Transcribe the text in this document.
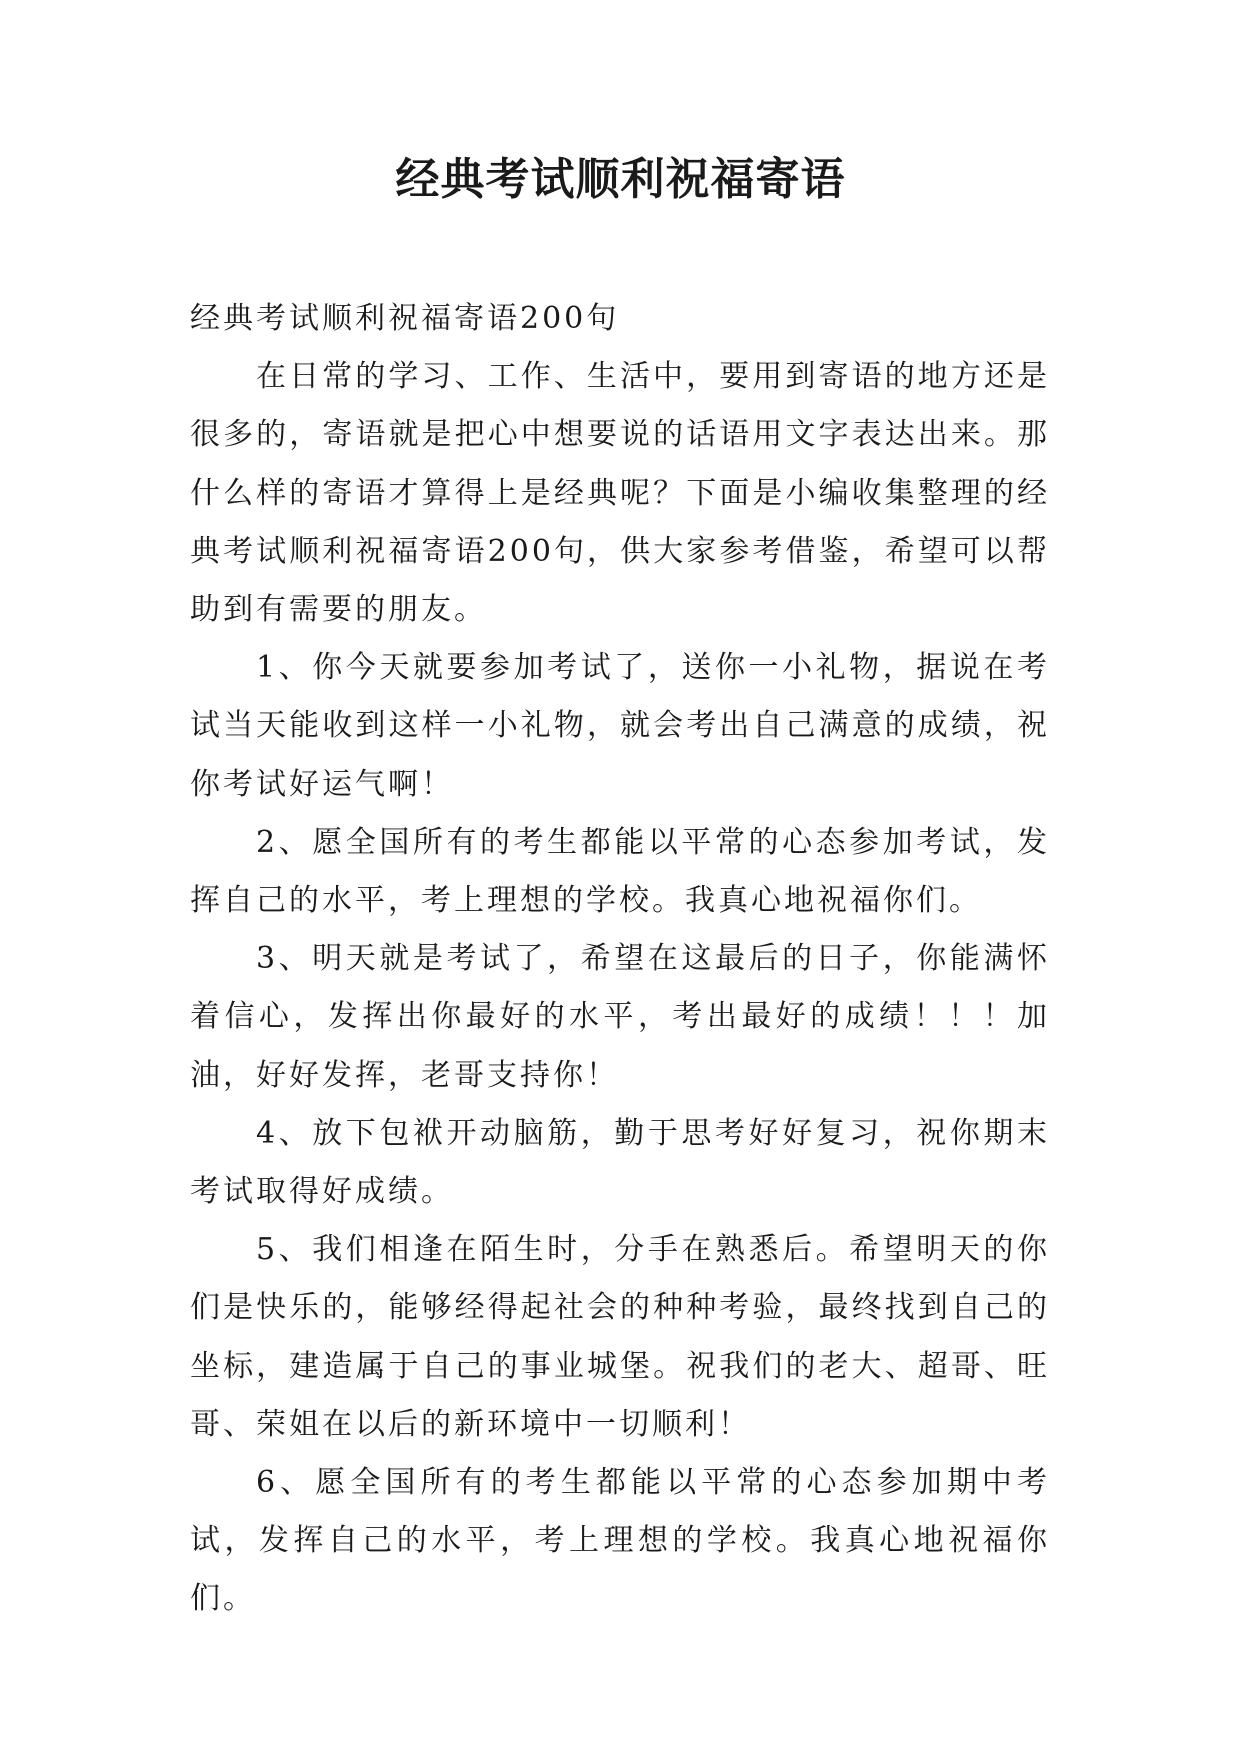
经典考试顺利祝福寄语

经典考试顺利祝福寄语200句

在日常的学习、工作、生活中，要用到寄语的地方还是很多的，寄语就是把心中想要说的话语用文字表达出来。那什么样的寄语才算得上是经典呢？下面是小编收集整理的经典考试顺利祝福寄语200句，供大家参考借鉴，希望可以帮助到有需要的朋友。

1、你今天就要参加考试了，送你一小礼物，据说在考试当天能收到这样一小礼物，就会考出自己满意的成绩，祝你考试好运气啊！

2、愿全国所有的考生都能以平常的心态参加考试，发挥自己的水平，考上理想的学校。我真心地祝福你们。

3、明天就是考试了，希望在这最后的日子，你能满怀着信心，发挥出你最好的水平，考出最好的成绩！！！加油，好好发挥，老哥支持你！

4、放下包袱开动脑筋，勤于思考好好复习，祝你期末考试取得好成绩。

5、我们相逢在陌生时，分手在熟悉后。希望明天的你们是快乐的，能够经得起社会的种种考验，最终找到自己的坐标，建造属于自己的事业城堡。祝我们的老大、超哥、旺哥、荣姐在以后的新环境中一切顺利！

6、愿全国所有的考生都能以平常的心态参加期中考试，发挥自己的水平，考上理想的学校。我真心地祝福你们。
